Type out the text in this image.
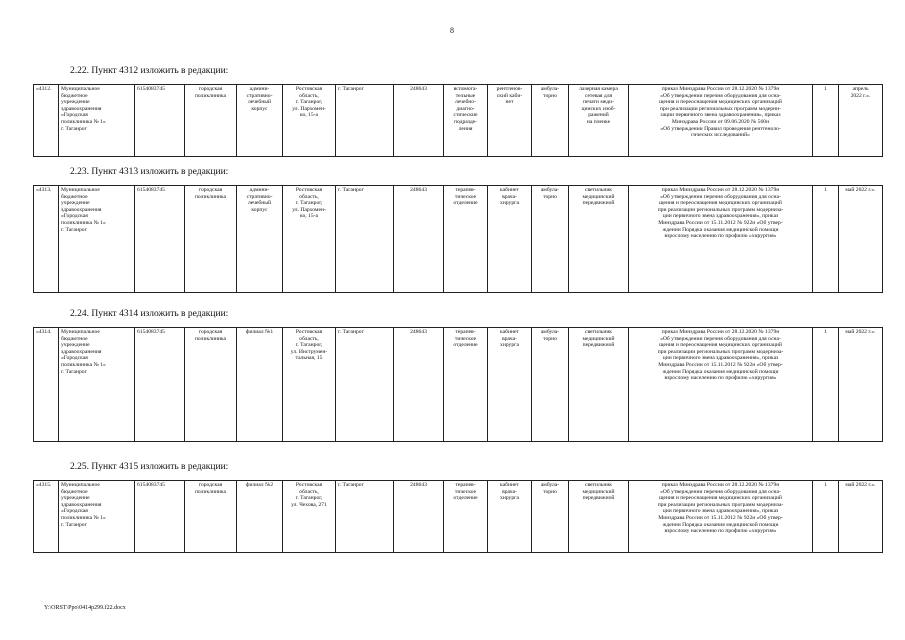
8
2.22. Пункт 4312 изложить в редакции:
«4312.	Муниципальное
бюджетное
учреждение
здравоохранения
«Городская
поликлиника № 1»
г. Таганрог	6154083745	городская
поликлиника	админи-
стративно-
лечебный
корпус	Ростовская
область,
г. Таганрог,
ул. Пархомен-
ко, 15-а	г. Таганрог	248643	вспомога-
тельные
лечебно-
диагно-
стические
подразде-
ления	рентгенов-
ский каби-
нет	амбула-
торно	лазерная камера
сетевая для
печати меди-
цинских изоб-
ражений
на пленке	приказ Минздрава России от 28.12.2020 № 1379н
«Об утверждении перечня оборудования для осна-
щения и переоснащения медицинских организаций
при реализации региональных программ модерни-
зации первичного звена здравоохранения», приказ
Минздрава России от 09.06.2020 № 560н
«Об утверждении Правил проведения рентгеноло-
гических исследований»	1	апрель
2022 г.».
2.23. Пункт 4313 изложить в редакции:
«4313.	Муниципальное
бюджетное
учреждение
здравоохранения
«Городская
поликлиника № 1»
г. Таганрог	6154083745	городская
поликлиника	админи-
стративно-
лечебный
корпус	Ростовская
область,
г. Таганрог,
ул. Пархомен-
ко, 15-а	г. Таганрог	248643	терапев-
тическое
отделение	кабинет
врача-
хирурга	амбула-
торно	светильник
медицинский
передвижной	приказ Минздрава России от 28.12.2020 № 1379н
«Об утверждении перечня оборудования для осна-
щения и переоснащения медицинских организаций
при реализации региональных программ модерниза-
ции первичного звена здравоохранения», приказ
Минздрава России от 15.11.2012 № 922н «Об утвер-
ждении Порядка оказания медицинской помощи
взрослому населению по профилю «хирургия»	1	май 2022 г.».
2.24. Пункт 4314 изложить в редакции:
«4314.	Муниципальное
бюджетное
учреждение
здравоохранения
«Городская
поликлиника № 1»
г. Таганрог	6154083745	городская
поликлиника	филиал №1	Ростовская
область,
г. Таганрог,
ул. Инструмен-
тальная, 15	г. Таганрог	248643	терапев-
тическое
отделение	кабинет
врача-
хирурга	амбула-
торно	светильник
медицинский
передвижной	приказ Минздрава России от 28.12.2020 № 1379н
«Об утверждении перечня оборудования для осна-
щения и переоснащения медицинских организаций
при реализации региональных программ модерниза-
ции первичного звена здравоохранения», приказ
Минздрава России от 15.11.2012 № 922н «Об утвер-
ждении Порядка оказания медицинской помощи
взрослому населению по профилю «хирургия»	1	май 2022 г.».
2.25. Пункт 4315 изложить в редакции:
«4315.	Муниципальное
бюджетное
учреждение
здравоохранения
«Городская
поликлиника № 1»
г. Таганрог	6154083745	городская
поликлиника	филиал №2	Ростовская
область,
г. Таганрог,
ул. Чехова, 271	г. Таганрог	248643	терапев-
тическое
отделение	кабинет
врача-
хирурга	амбула-
торно	светильник
медицинский
передвижной	приказ Минздрава России от 28.12.2020 № 1379н
«Об утверждении перечня оборудования для осна-
щения и переоснащения медицинских организаций
при реализации региональных программ модерниза-
ции первичного звена здравоохранения», приказ
Минздрава России от 15.11.2012 № 922н «Об утвер-
ждении Порядка оказания медицинской помощи
взрослому населению по профилю «хирургия»	1	май 2022 г.».
Y:\ORST\Ppo\0414p299.f22.docx
